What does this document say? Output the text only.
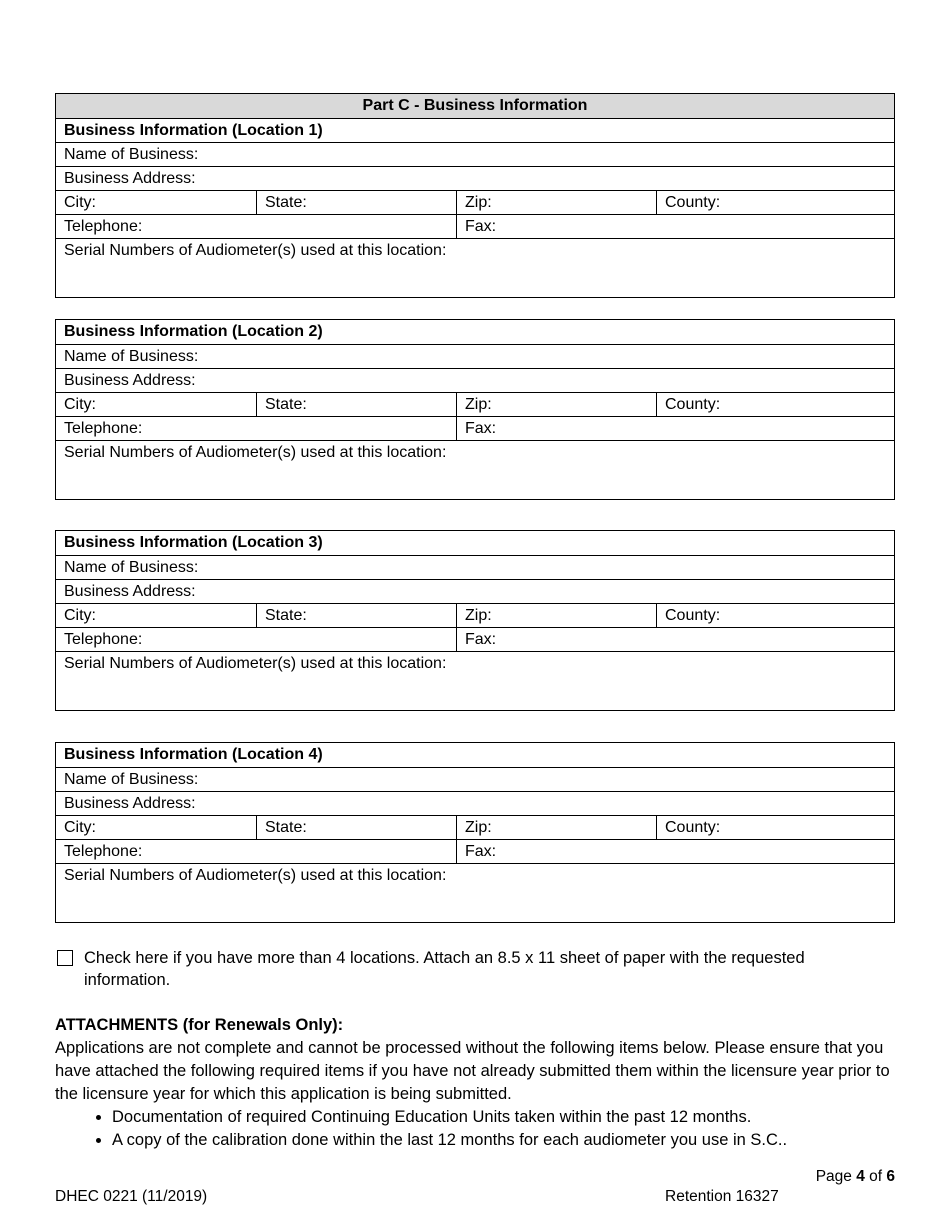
Part C - Business Information
Business Information (Location 1)
Name of Business:
Business Address:
City:	State:	Zip:	County:
Telephone:	Fax:
Serial Numbers of Audiometer(s) used at this location:
Business Information (Location 2)
Name of Business:
Business Address:
City:	State:	Zip:	County:
Telephone:	Fax:
Serial Numbers of Audiometer(s) used at this location:
Business Information (Location 3)
Name of Business:
Business Address:
City:	State:	Zip:	County:
Telephone:	Fax:
Serial Numbers of Audiometer(s) used at this location:
Business Information (Location 4)
Name of Business:
Business Address:
City:	State:	Zip:	County:
Telephone:	Fax:
Serial Numbers of Audiometer(s) used at this location:
Check here if you have more than 4 locations. Attach an 8.5 x 11 sheet of paper with the requested information.
ATTACHMENTS (for Renewals Only):
Applications are not complete and cannot be processed without the following items below. Please ensure that you have attached the following required items if you have not already submitted them within the licensure year prior to the licensure year for which this application is being submitted.
• Documentation of required Continuing Education Units taken within the past 12 months.
• A copy of the calibration done within the last 12 months for each audiometer you use in S.C..
Page 4 of 6
DHEC 0221 (11/2019)	Retention 16327
